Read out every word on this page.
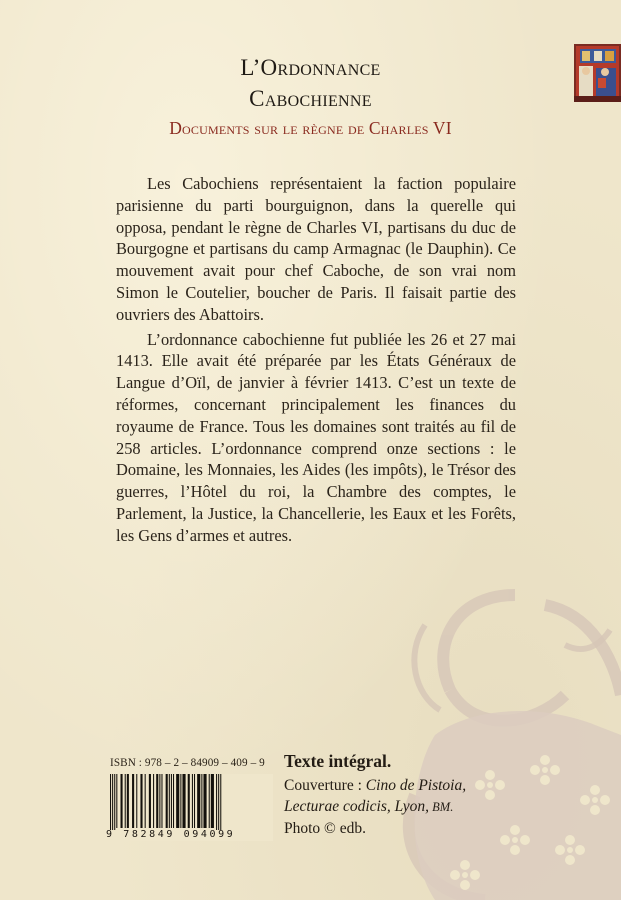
L’Ordonnance
Cabochienne
Documents sur le règne de Charles VI

Les Cabochiens représentaient la faction populaire parisienne du parti bourguignon, dans la querelle qui opposa, pendant le règne de Charles VI, partisans du duc de Bourgogne et partisans du camp Armagnac (le Dauphin). Ce mouvement avait pour chef Caboche, de son vrai nom Simon le Coutelier, boucher de Paris. Il faisait partie des ouvriers des Abattoirs.

L’ordonnance cabochienne fut publiée les 26 et 27 mai 1413. Elle avait été préparée par les États Généraux de Langue d’Oïl, de janvier à février 1413. C’est un texte de réformes, concernant principalement les finances du royaume de France. Tous les domaines sont traités au fil de 258 articles. L’ordonnance comprend onze sections : le Domaine, les Monnaies, les Aides (les impôts), le Trésor des guerres, l’Hôtel du roi, la Chambre des comptes, le Parlement, la Justice, la Chancellerie, les Eaux et les Forêts, les Gens d’armes et autres.

ISBN : 978 – 2 – 84909 – 409 – 9
9 782849 094099
Texte intégral.
Couverture : Cino de Pistoia,
Lecturae codicis, Lyon, BM.
Photo © edb.
